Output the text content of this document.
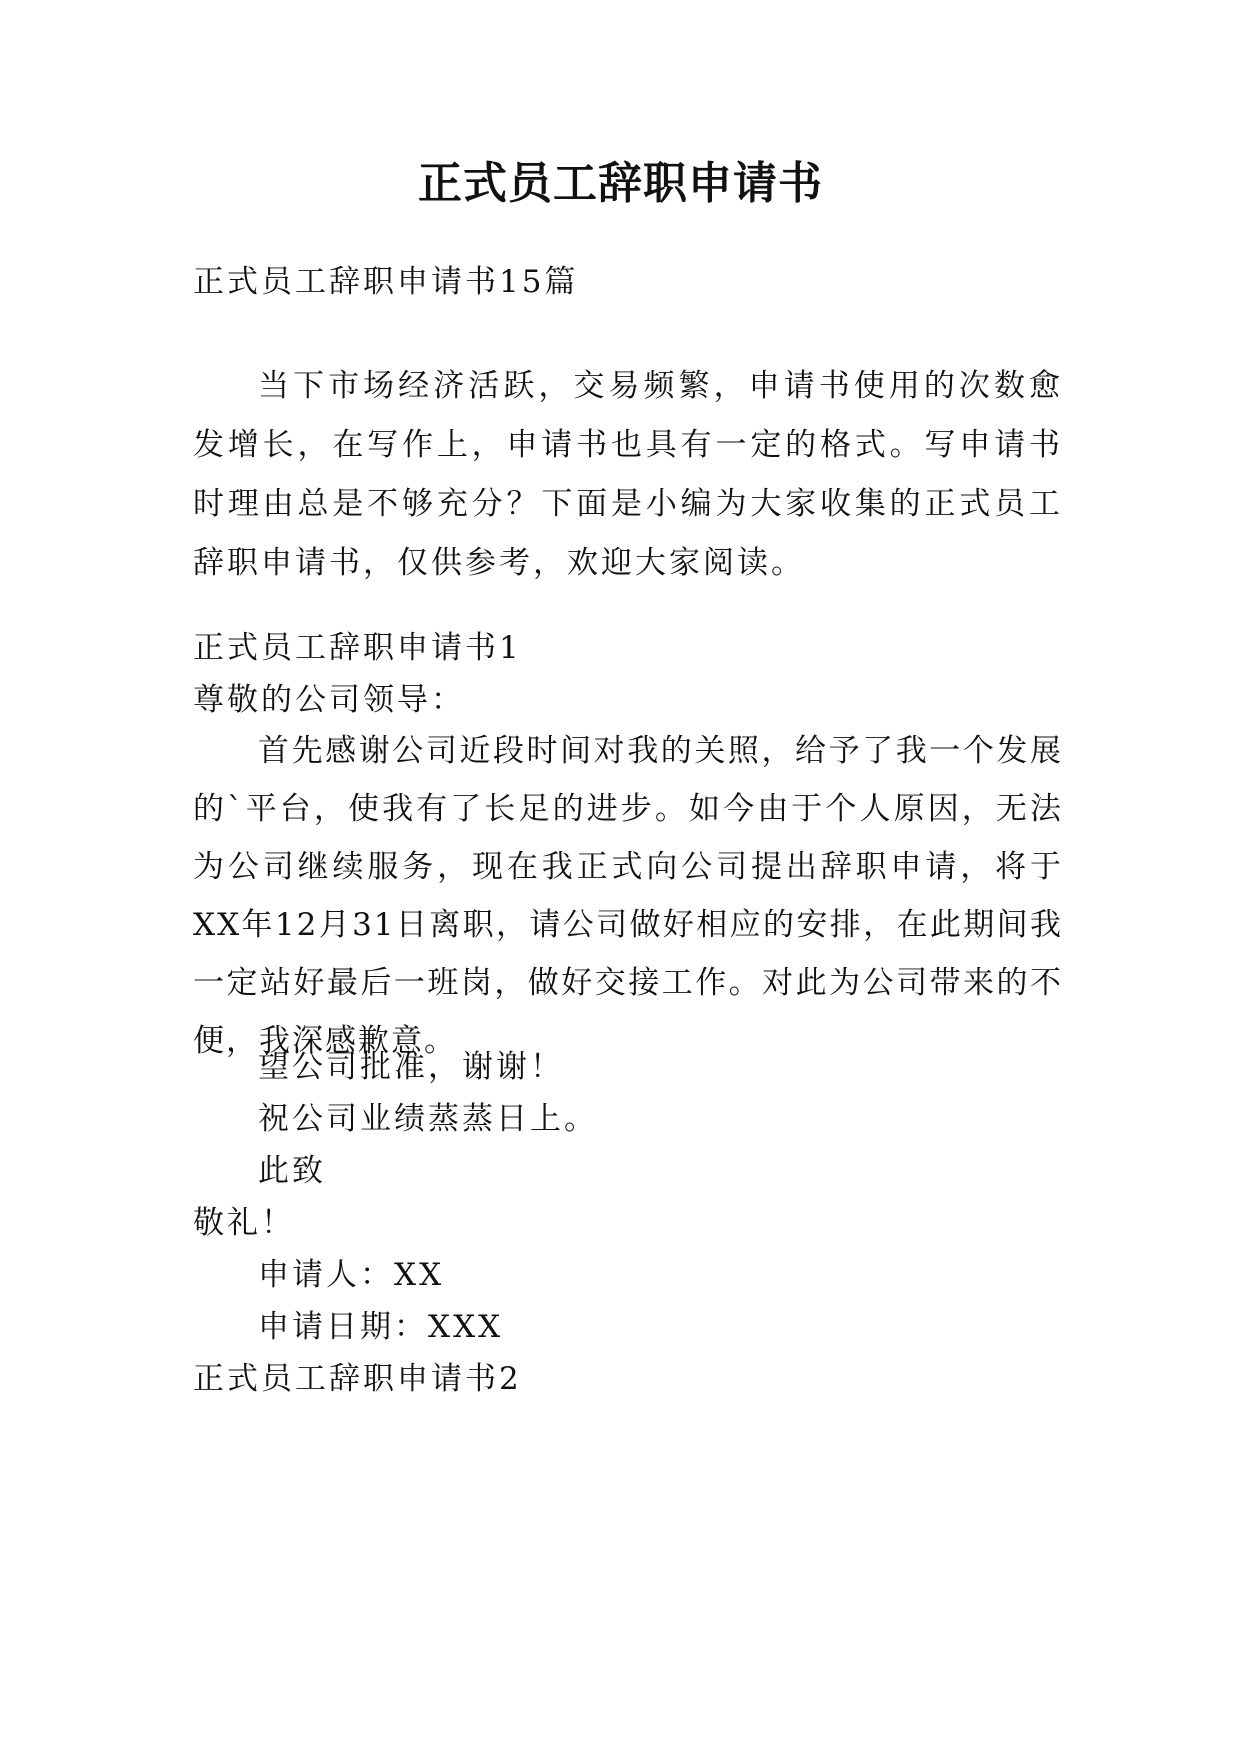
正式员工辞职申请书
正式员工辞职申请书15篇
当下市场经济活跃，交易频繁，申请书使用的次数愈发增长，在写作上，申请书也具有一定的格式。写申请书时理由总是不够充分？下面是小编为大家收集的正式员工辞职申请书，仅供参考，欢迎大家阅读。
正式员工辞职申请书1
尊敬的公司领导：
首先感谢公司近段时间对我的关照，给予了我一个发展的`平台，使我有了长足的进步。如今由于个人原因，无法为公司继续服务，现在我正式向公司提出辞职申请，将于XX年12月31日离职，请公司做好相应的安排，在此期间我一定站好最后一班岗，做好交接工作。对此为公司带来的不便，我深感歉意。
望公司批准，谢谢！
祝公司业绩蒸蒸日上。
此致
敬礼！
申请人：XX
申请日期：XXX
正式员工辞职申请书2
